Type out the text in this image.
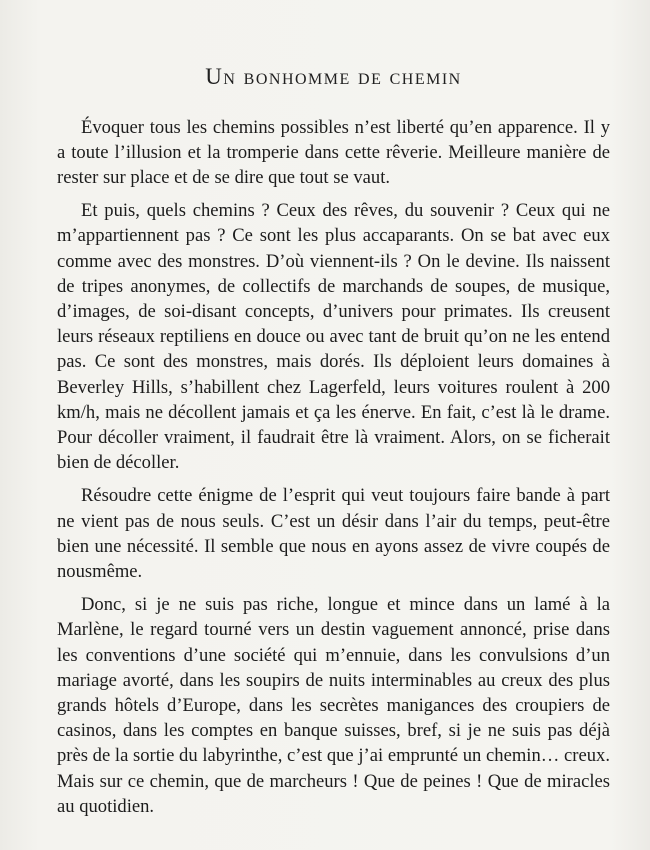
Un bonhomme de chemin

Évoquer tous les chemins possibles n’est liberté qu’en apparence. Il y a toute l’illusion et la tromperie dans cette rêverie. Meilleure manière de rester sur place et de se dire que tout se vaut.

Et puis, quels chemins ? Ceux des rêves, du souvenir ? Ceux qui ne m’appartiennent pas ? Ce sont les plus accaparants. On se bat avec eux comme avec des monstres. D’où viennent-ils ? On le devine. Ils naissent de tripes anonymes, de collectifs de marchands de soupes, de musique, d’images, de soi-disant concepts, d’univers pour primates. Ils creusent leurs réseaux reptiliens en douce ou avec tant de bruit qu’on ne les entend pas. Ce sont des monstres, mais dorés. Ils déploient leurs domaines à Beverley Hills, s’habillent chez Lagerfeld, leurs voitures roulent à 200 km/h, mais ne décollent jamais et ça les énerve. En fait, c’est là le drame. Pour décoller vraiment, il faudrait être là vraiment. Alors, on se ficherait bien de décoller.

Résoudre cette énigme de l’esprit qui veut toujours faire bande à part ne vient pas de nous seuls. C’est un désir dans l’air du temps, peut-être bien une nécessité. Il semble que nous en ayons assez de vivre coupés de nousmême.

Donc, si je ne suis pas riche, longue et mince dans un lamé à la Marlène, le regard tourné vers un destin vaguement annoncé, prise dans les conventions d’une société qui m’ennuie, dans les convulsions d’un mariage avorté, dans les soupirs de nuits interminables au creux des plus grands hôtels d’Europe, dans les secrètes manigances des croupiers de casinos, dans les comptes en banque suisses, bref, si je ne suis pas déjà près de la sortie du labyrinthe, c’est que j’ai emprunté un chemin… creux. Mais sur ce chemin, que de marcheurs ! Que de peines ! Que de miracles au quotidien.
